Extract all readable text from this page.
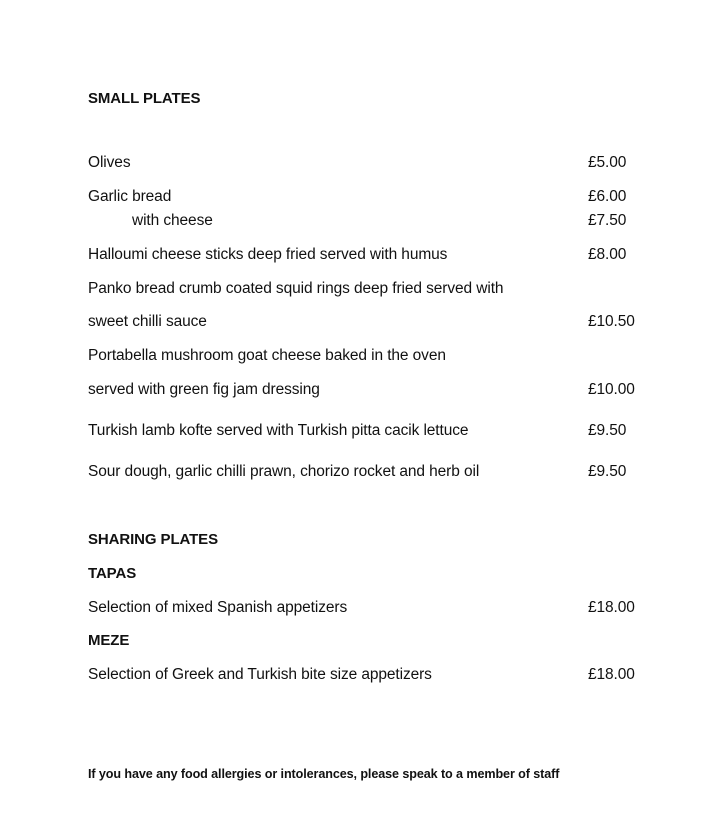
SMALL PLATES
Olives	£5.00
Garlic bread	£6.00
with cheese	£7.50
Halloumi cheese sticks deep fried served with humus	£8.00
Panko bread crumb coated squid rings deep fried served with
sweet chilli sauce	£10.50
Portabella mushroom goat cheese baked in the oven
served with green fig jam dressing	£10.00
Turkish lamb kofte served with Turkish pitta cacik lettuce	£9.50
Sour dough, garlic chilli prawn, chorizo rocket and herb oil	£9.50
SHARING PLATES
TAPAS
Selection of mixed Spanish appetizers	£18.00
MEZE
Selection of Greek and Turkish bite size appetizers	£18.00
If you have any food allergies or intolerances, please speak to a member of staff
